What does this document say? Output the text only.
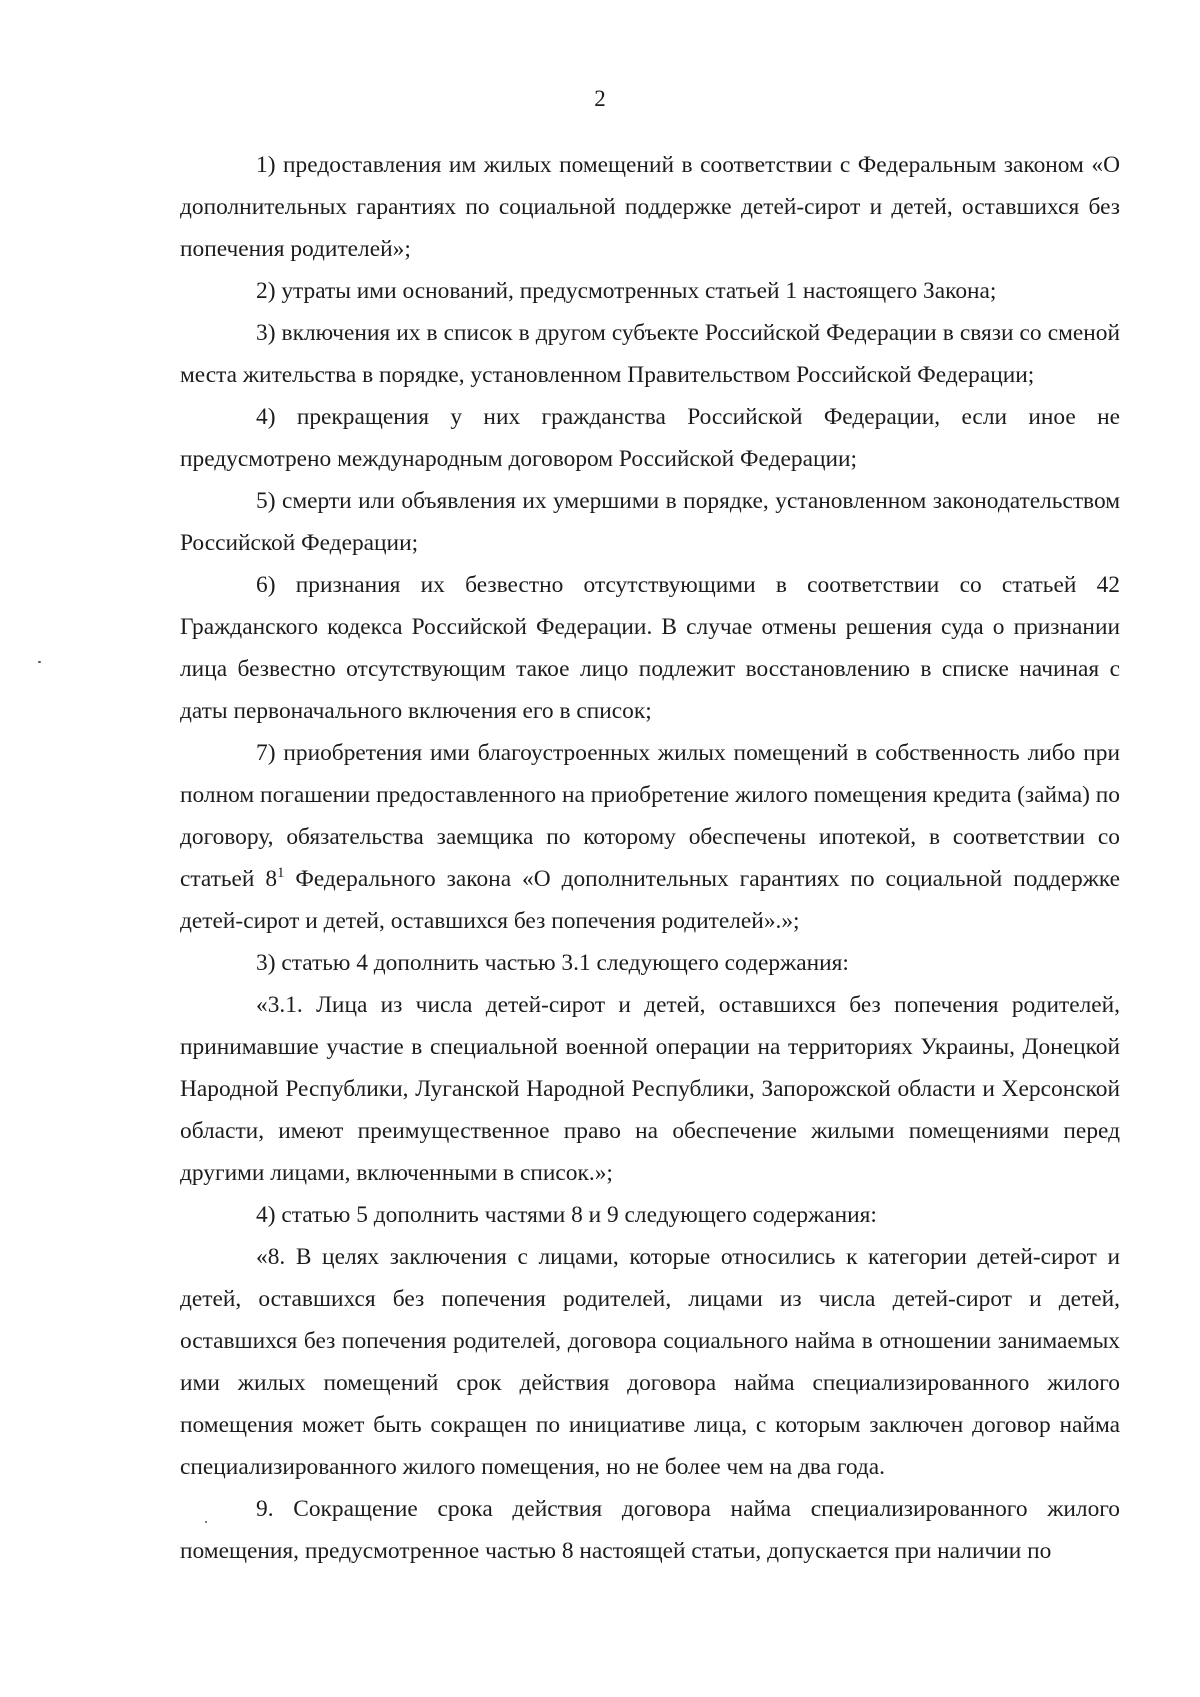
2

1) предоставления им жилых помещений в соответствии с Федеральным законом «О дополнительных гарантиях по социальной поддержке детей-сирот и детей, оставшихся без попечения родителей»;

2) утраты ими оснований, предусмотренных статьей 1 настоящего Закона;

3) включения их в список в другом субъекте Российской Федерации в связи со сменой места жительства в порядке, установленном Правительством Российской Федерации;

4) прекращения у них гражданства Российской Федерации, если иное не предусмотрено международным договором Российской Федерации;

5) смерти или объявления их умершими в порядке, установленном законодательством Российской Федерации;

6) признания их безвестно отсутствующими в соответствии со статьей 42 Гражданского кодекса Российской Федерации. В случае отмены решения суда о признании лица безвестно отсутствующим такое лицо подлежит восстановлению в списке начиная с даты первоначального включения его в список;

7) приобретения ими благоустроенных жилых помещений в собственность либо при полном погашении предоставленного на приобретение жилого помещения кредита (займа) по договору, обязательства заемщика по которому обеспечены ипотекой, в соответствии со статьей $8^1$ Федерального закона «О дополнительных гарантиях по социальной поддержке детей-сирот и детей, оставшихся без попечения родителей».»;

3) статью 4 дополнить частью 3.1 следующего содержания:

«3.1. Лица из числа детей-сирот и детей, оставшихся без попечения родителей, принимавшие участие в специальной военной операции на территориях Украины, Донецкой Народной Республики, Луганской Народной Республики, Запорожской области и Херсонской области, имеют преимущественное право на обеспечение жилыми помещениями перед другими лицами, включенными в список.»;

4) статью 5 дополнить частями 8 и 9 следующего содержания:

«8. В целях заключения с лицами, которые относились к категории детей-сирот и детей, оставшихся без попечения родителей, лицами из числа детей-сирот и детей, оставшихся без попечения родителей, договора социального найма в отношении занимаемых ими жилых помещений срок действия договора найма специализированного жилого помещения может быть сокращен по инициативе лица, с которым заключен договор найма специализированного жилого помещения, но не более чем на два года.

9. Сокращение срока действия договора найма специализированного жилого помещения, предусмотренное частью 8 настоящей статьи, допускается при наличии по
